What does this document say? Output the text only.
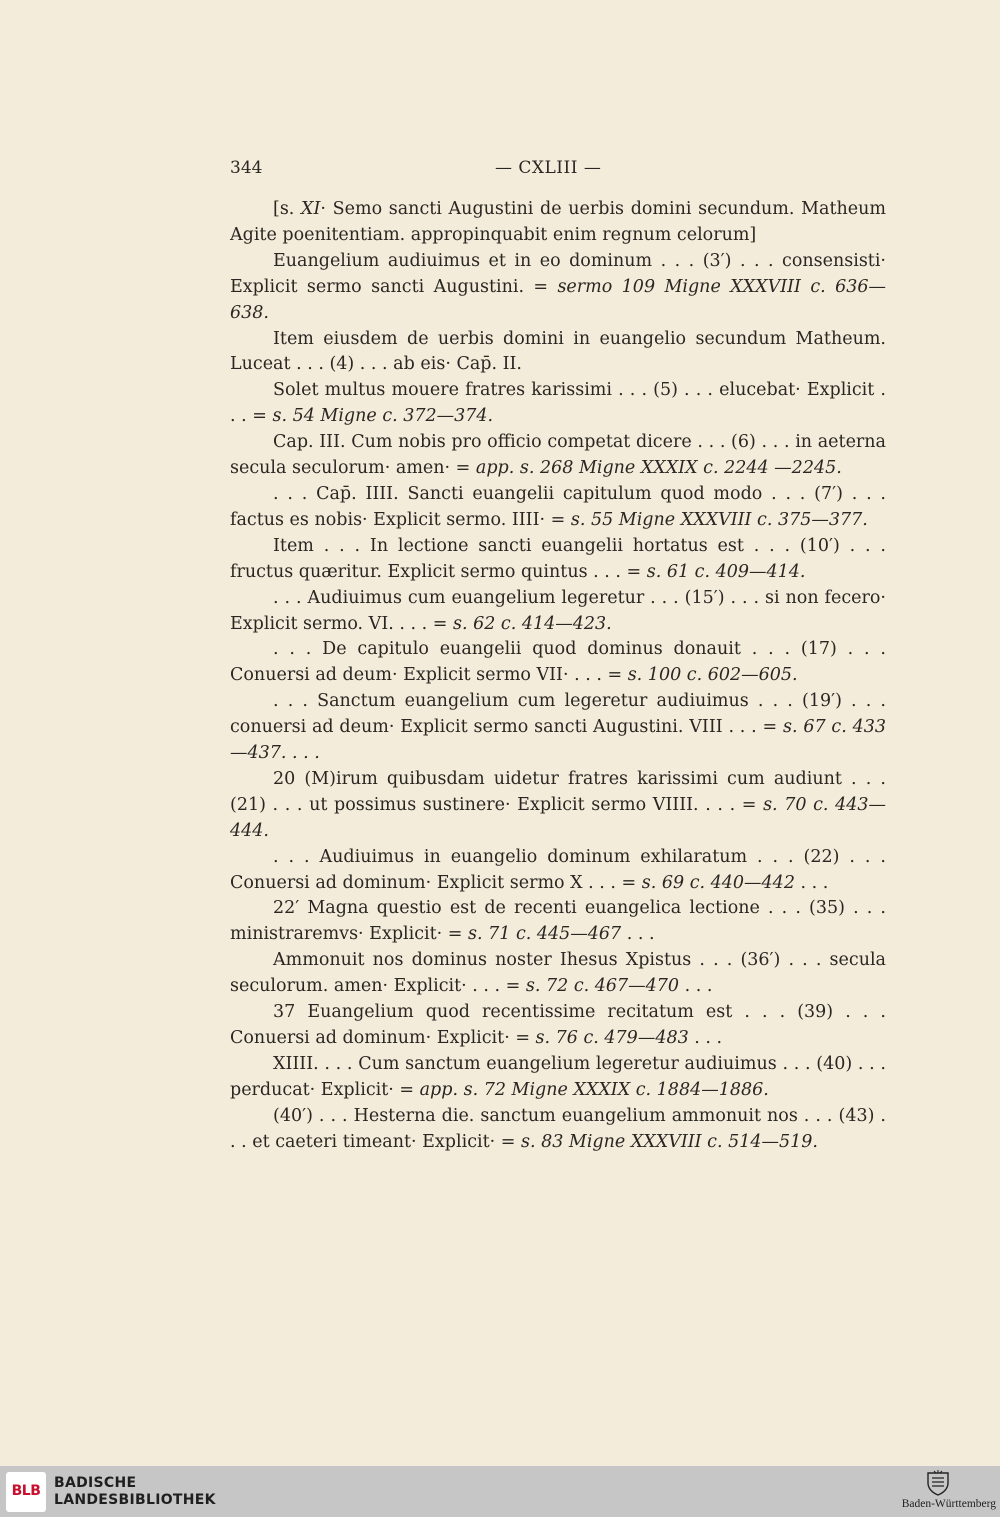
344	— CXLIII —

[s. XI· Semo sancti Augustini de uerbis domini secundum. Matheum Agite poenitentiam. appropinquabit enim regnum celorum]

Euangelium audiuimus et in eo dominum . . . (3′) . . . consensisti· Explicit sermo sancti Augustini. = sermo 109 Migne XXXVIII c. 636—638.

Item eiusdem de uerbis domini in euangelio secundum Matheum. Luceat . . . (4) . . . ab eis· Cap̄. II.

Solet multus mouere fratres karissimi . . . (5) . . . elucebat· Explicit . . . = s. 54 Migne c. 372—374.

Cap. III. Cum nobis pro officio competat dicere . . . (6) . . . in aeterna secula seculorum· amen· = app. s. 268 Migne XXXIX c. 2244 —2245.

. . . Cap̄. IIII. Sancti euangelii capitulum quod modo . . . (7′) . . . factus es nobis· Explicit sermo. IIII· = s. 55 Migne XXXVIII c. 375—377.

Item . . . In lectione sancti euangelii hortatus est . . . (10′) . . . fructus quæritur. Explicit sermo quintus . . . = s. 61 c. 409—414.

. . . Audiuimus cum euangelium legeretur . . . (15′) . . . si non fecero· Explicit sermo. VI. . . . = s. 62 c. 414—423.

. . . De capitulo euangelii quod dominus donauit . . . (17) . . . Conuersi ad deum· Explicit sermo VII· . . . = s. 100 c. 602—605.

. . . Sanctum euangelium cum legeretur audiuimus . . . (19′) . . . conuersi ad deum· Explicit sermo sancti Augustini. VIII . . . = s. 67 c. 433—437. . . .

20 (M)irum quibusdam uidetur fratres karissimi cum audiunt . . . (21) . . . ut possimus sustinere· Explicit sermo VIIII. . . . = s. 70 c. 443—444.

. . . Audiuimus in euangelio dominum exhilaratum . . . (22) . . . Conuersi ad dominum· Explicit sermo X . . . = s. 69 c. 440—442 . . .

22′ Magna questio est de recenti euangelica lectione . . . (35) . . . ministraremvs· Explicit· = s. 71 c. 445—467 . . .

Ammonuit nos dominus noster Ihesus Χpistus . . . (36′) . . . secula seculorum. amen· Explicit· . . . = s. 72 c. 467—470 . . .

37 Euangelium quod recentissime recitatum est . . . (39) . . . Conuersi ad dominum· Explicit· = s. 76 c. 479—483 . . .

XIIII. . . . Cum sanctum euangelium legeretur audiuimus . . . (40) . . . perducat· Explicit· = app. s. 72 Migne XXXIX c. 1884—1886.

(40′) . . . Hesterna die. sanctum euangelium ammonuit nos . . . (43) . . . et caeteri timeant· Explicit· = s. 83 Migne XXXVIII c. 514—519.

BLB BADISCHE
LANDESBIBLIOTHEK	Baden-Württemberg
